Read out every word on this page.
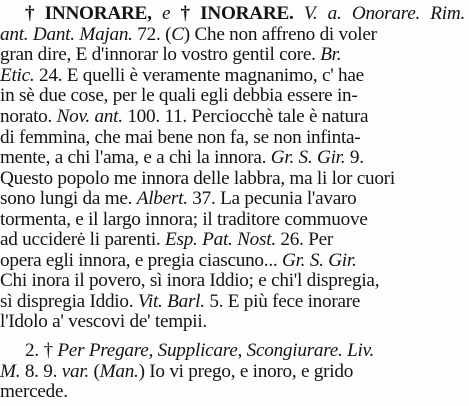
† INNORARE, e † INORARE. V. a. Onorare. Rim.
ant. Dant. Majan. 72. (C) Che non affreno di voler
gran dire, E d'innorar lo vostro gentil core. Br.
Etic. 24. E quelli è veramente magnanimo, c' hae
in sè due cose, per le quali egli debbia essere in-
norato. Nov. ant. 100. 11. Perciocchè tale è natura
di femmina, che mai bene non fa, se non infinta-
mente, a chi l'ama, e a chi la innora. Gr. S. Gir. 9.
Questo popolo me innora delle labbra, ma li lor cuori
sono lungi da me. Albert. 37. La pecunia l'avaro
tormenta, e il largo innora; il traditore commuove
ad ucciderė li parenti. Esp. Pat. Nost. 26. Per
opera egli innora, e pregia ciascuno... Gr. S. Gir.
Chi inora il povero, sì inora Iddio; e chi'l dispregia,
sì dispregia Iddio. Vit. Barl. 5. E più fece inorare
l'Idolo a' vescovi de' tempii.
2. † Per Pregare, Supplicare, Scongiurare. Liv.
M. 8. 9. var. (Man.) Io vi prego, e inoro, e grido
mercede.
